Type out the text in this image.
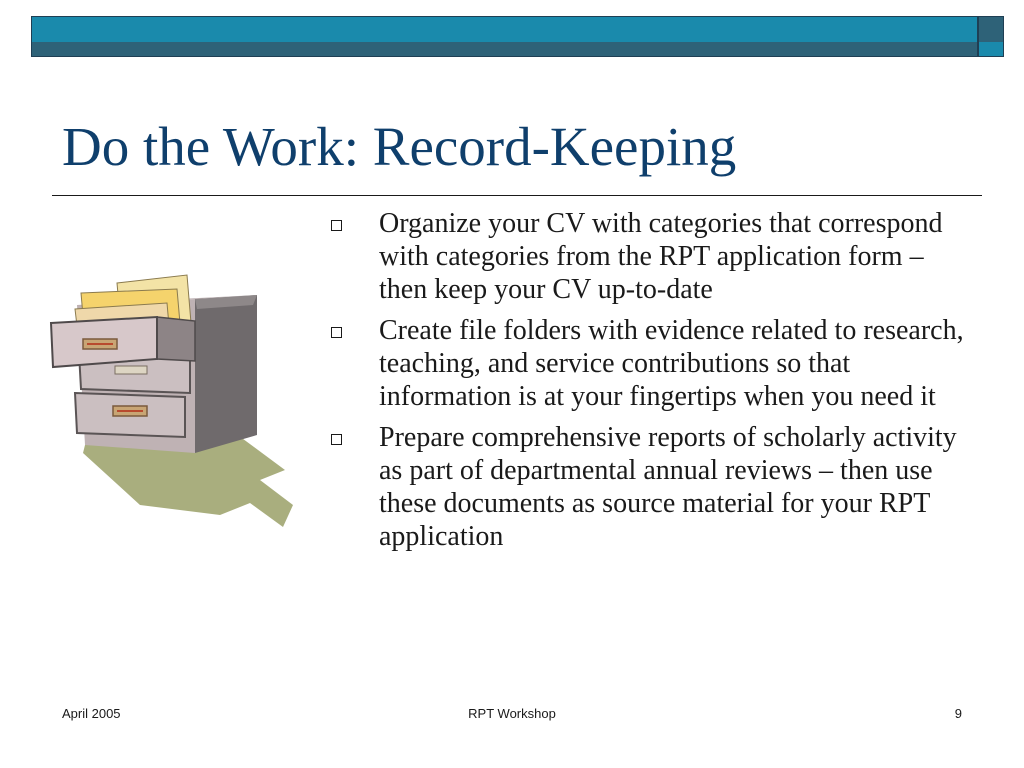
Do the Work: Record-Keeping
Organize your CV with categories that correspond with categories from the RPT application form – then keep your CV up-to-date
Create file folders with evidence related to research, teaching, and service contributions so that information is at your fingertips when you need it
Prepare comprehensive reports of scholarly activity as part of departmental annual reviews – then use these documents as source material for your RPT application
April 2005	RPT Workshop	9
